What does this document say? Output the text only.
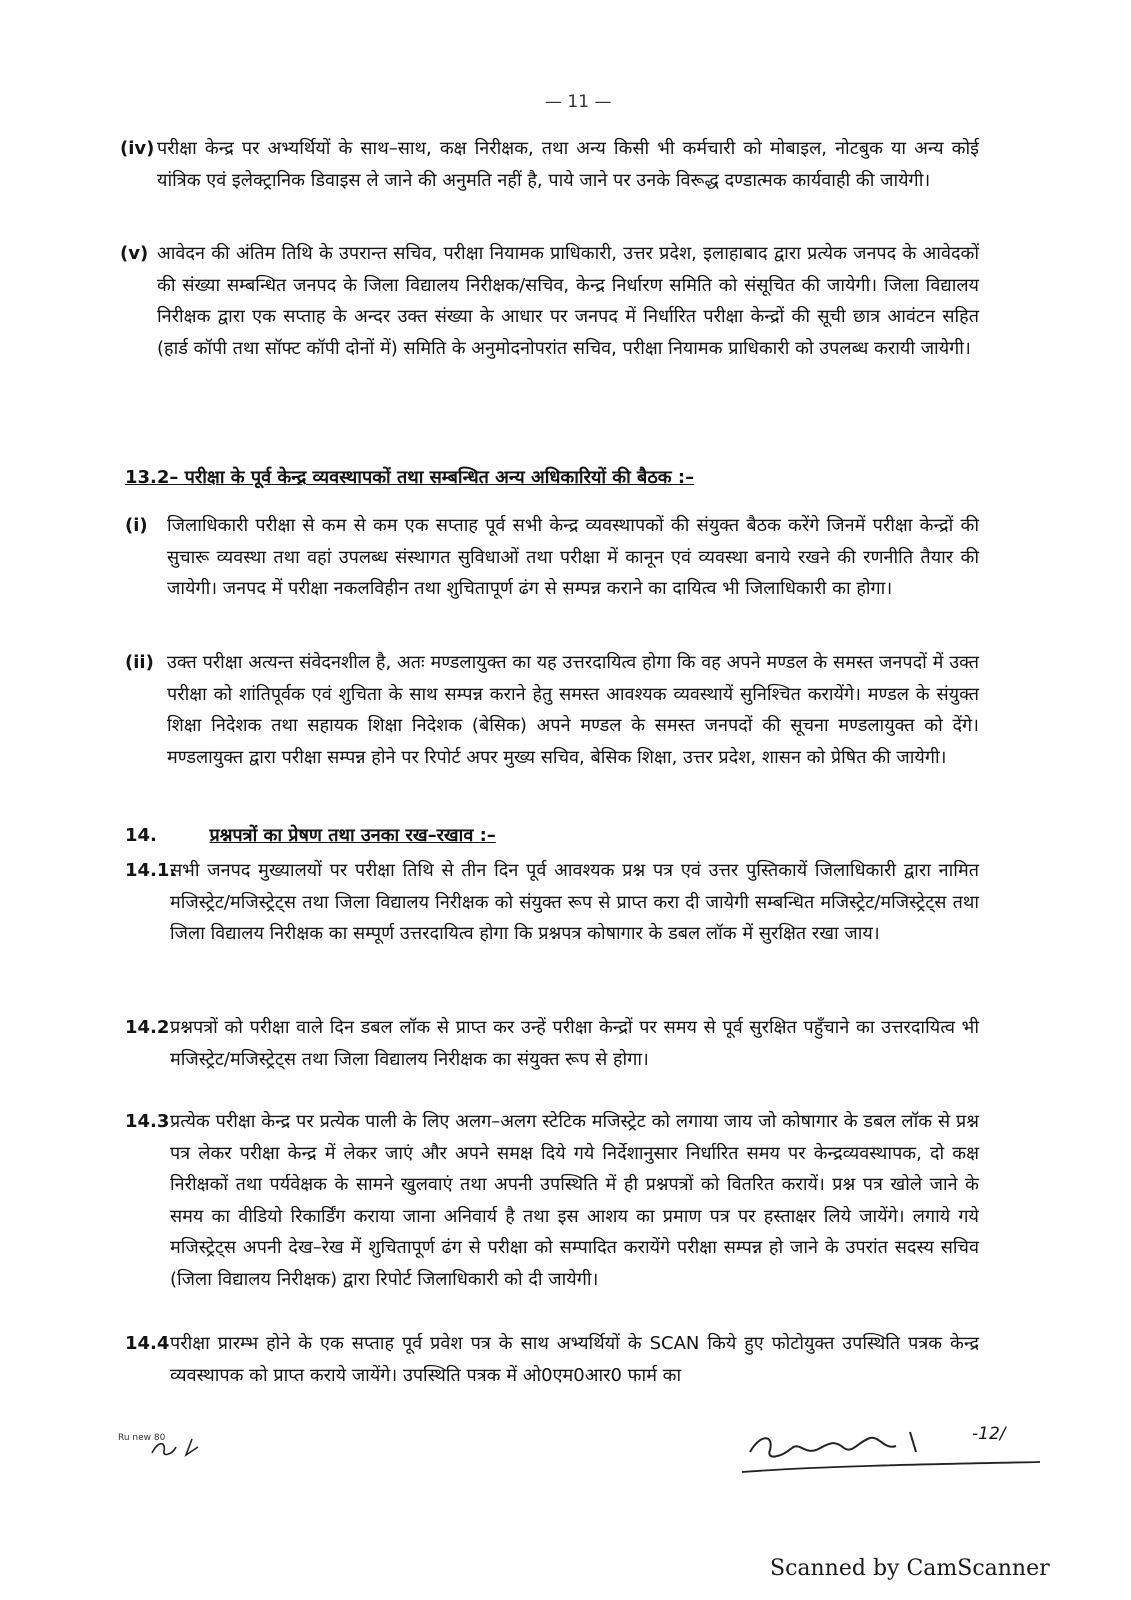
— 11 —
(iv) परीक्षा केन्द्र पर अभ्यर्थियों के साथ–साथ, कक्ष निरीक्षक, तथा अन्य किसी भी कर्मचारी को मोबाइल, नोटबुक या अन्य कोई यांत्रिक एवं इलेक्ट्रानिक डिवाइस ले जाने की अनुमति नहीं है, पाये जाने पर उनके विरूद्ध दण्डात्मक कार्यवाही की जायेगी।
(v) आवेदन की अंतिम तिथि के उपरान्त सचिव, परीक्षा नियामक प्राधिकारी, उत्तर प्रदेश, इलाहाबाद द्वारा प्रत्येक जनपद के आवेदकों की संख्या सम्बन्धित जनपद के जिला विद्यालय निरीक्षक/सचिव, केन्द्र निर्धारण समिति को संसूचित की जायेगी। जिला विद्यालय निरीक्षक द्वारा एक सप्ताह के अन्दर उक्त संख्या के आधार पर जनपद में निर्धारित परीक्षा केन्द्रों की सूची छात्र आवंटन सहित (हार्ड कॉपी तथा सॉफ्ट कॉपी दोनों में) समिति के अनुमोदनोपरांत सचिव, परीक्षा नियामक प्राधिकारी को उपलब्ध करायी जायेगी।
13.2– परीक्षा के पूर्व केन्द्र व्यवस्थापकों तथा सम्बन्धित अन्य अधिकारियों की बैठक :–
(i) जिलाधिकारी परीक्षा से कम से कम एक सप्ताह पूर्व सभी केन्द्र व्यवस्थापकों की संयुक्त बैठक करेंगे जिनमें परीक्षा केन्द्रों की सुचारू व्यवस्था तथा वहां उपलब्ध संस्थागत सुविधाओं तथा परीक्षा में कानून एवं व्यवस्था बनाये रखने की रणनीति तैयार की जायेगी। जनपद में परीक्षा नकलविहीन तथा शुचितापूर्ण ढंग से सम्पन्न कराने का दायित्व भी जिलाधिकारी का होगा।
(ii) उक्त परीक्षा अत्यन्त संवेदनशील है, अतः मण्डलायुक्त का यह उत्तरदायित्व होगा कि वह अपने मण्डल के समस्त जनपदों में उक्त परीक्षा को शांतिपूर्वक एवं शुचिता के साथ सम्पन्न कराने हेतु समस्त आवश्यक व्यवस्थायें सुनिश्चित करायेंगे। मण्डल के संयुक्त शिक्षा निदेशक तथा सहायक शिक्षा निदेशक (बेसिक) अपने मण्डल के समस्त जनपदों की सूचना मण्डलायुक्त को देंगे। मण्डलायुक्त द्वारा परीक्षा सम्पन्न होने पर रिपोर्ट अपर मुख्य सचिव, बेसिक शिक्षा, उत्तर प्रदेश, शासन को प्रेषित की जायेगी।
14.	प्रश्नपत्रों का प्रेषण तथा उनका रख–रखाव :–
14.1.
सभी जनपद मुख्यालयों पर परीक्षा तिथि से तीन दिन पूर्व आवश्यक प्रश्न पत्र एवं उत्तर पुस्तिकायें जिलाधिकारी द्वारा नामित मजिस्ट्रेट/मजिस्ट्रेट्स तथा जिला विद्यालय निरीक्षक को संयुक्त रूप से प्राप्त करा दी जायेगी सम्बन्धित मजिस्ट्रेट/मजिस्ट्रेट्स तथा जिला विद्यालय निरीक्षक का सम्पूर्ण उत्तरदायित्व होगा कि प्रश्नपत्र कोषागार के डबल लॉक में सुरक्षित रखा जाय।
14.2 प्रश्नपत्रों को परीक्षा वाले दिन डबल लॉक से प्राप्त कर उन्हें परीक्षा केन्द्रों पर समय से पूर्व सुरक्षित पहुँचाने का उत्तरदायित्व भी मजिस्ट्रेट/मजिस्ट्रेट्स तथा जिला विद्यालय निरीक्षक का संयुक्त रूप से होगा।
14.3 प्रत्येक परीक्षा केन्द्र पर प्रत्येक पाली के लिए अलग–अलग स्टेटिक मजिस्ट्रेट को लगाया जाय जो कोषागार के डबल लॉक से प्रश्न पत्र लेकर परीक्षा केन्द्र में लेकर जाएं और अपने समक्ष दिये गये निर्देशानुसार निर्धारित समय पर केन्द्रव्यवस्थापक, दो कक्ष निरीक्षकों तथा पर्यवेक्षक के सामने खुलवाएं तथा अपनी उपस्थिति में ही प्रश्नपत्रों को वितरित करायें। प्रश्न पत्र खोले जाने के समय का वीडियो रिकार्डिंग कराया जाना अनिवार्य है तथा इस आशय का प्रमाण पत्र पर हस्ताक्षर लिये जायेंगे। लगाये गये मजिस्ट्रेट्स अपनी देख–रेख में शुचितापूर्ण ढंग से परीक्षा को सम्पादित करायेंगे परीक्षा सम्पन्न हो जाने के उपरांत सदस्य सचिव (जिला विद्यालय निरीक्षक) द्वारा रिपोर्ट जिलाधिकारी को दी जायेगी।
14.4 परीक्षा प्रारम्भ होने के एक सप्ताह पूर्व प्रवेश पत्र के साथ अभ्यर्थियों के SCAN किये हुए फोटोयुक्त उपस्थिति पत्रक केन्द्र व्यवस्थापक को प्राप्त कराये जायेंगे। उपस्थिति पत्रक में ओ0एम0आर0 फार्म का
Ru new 80	-12/
Scanned by CamScanner
